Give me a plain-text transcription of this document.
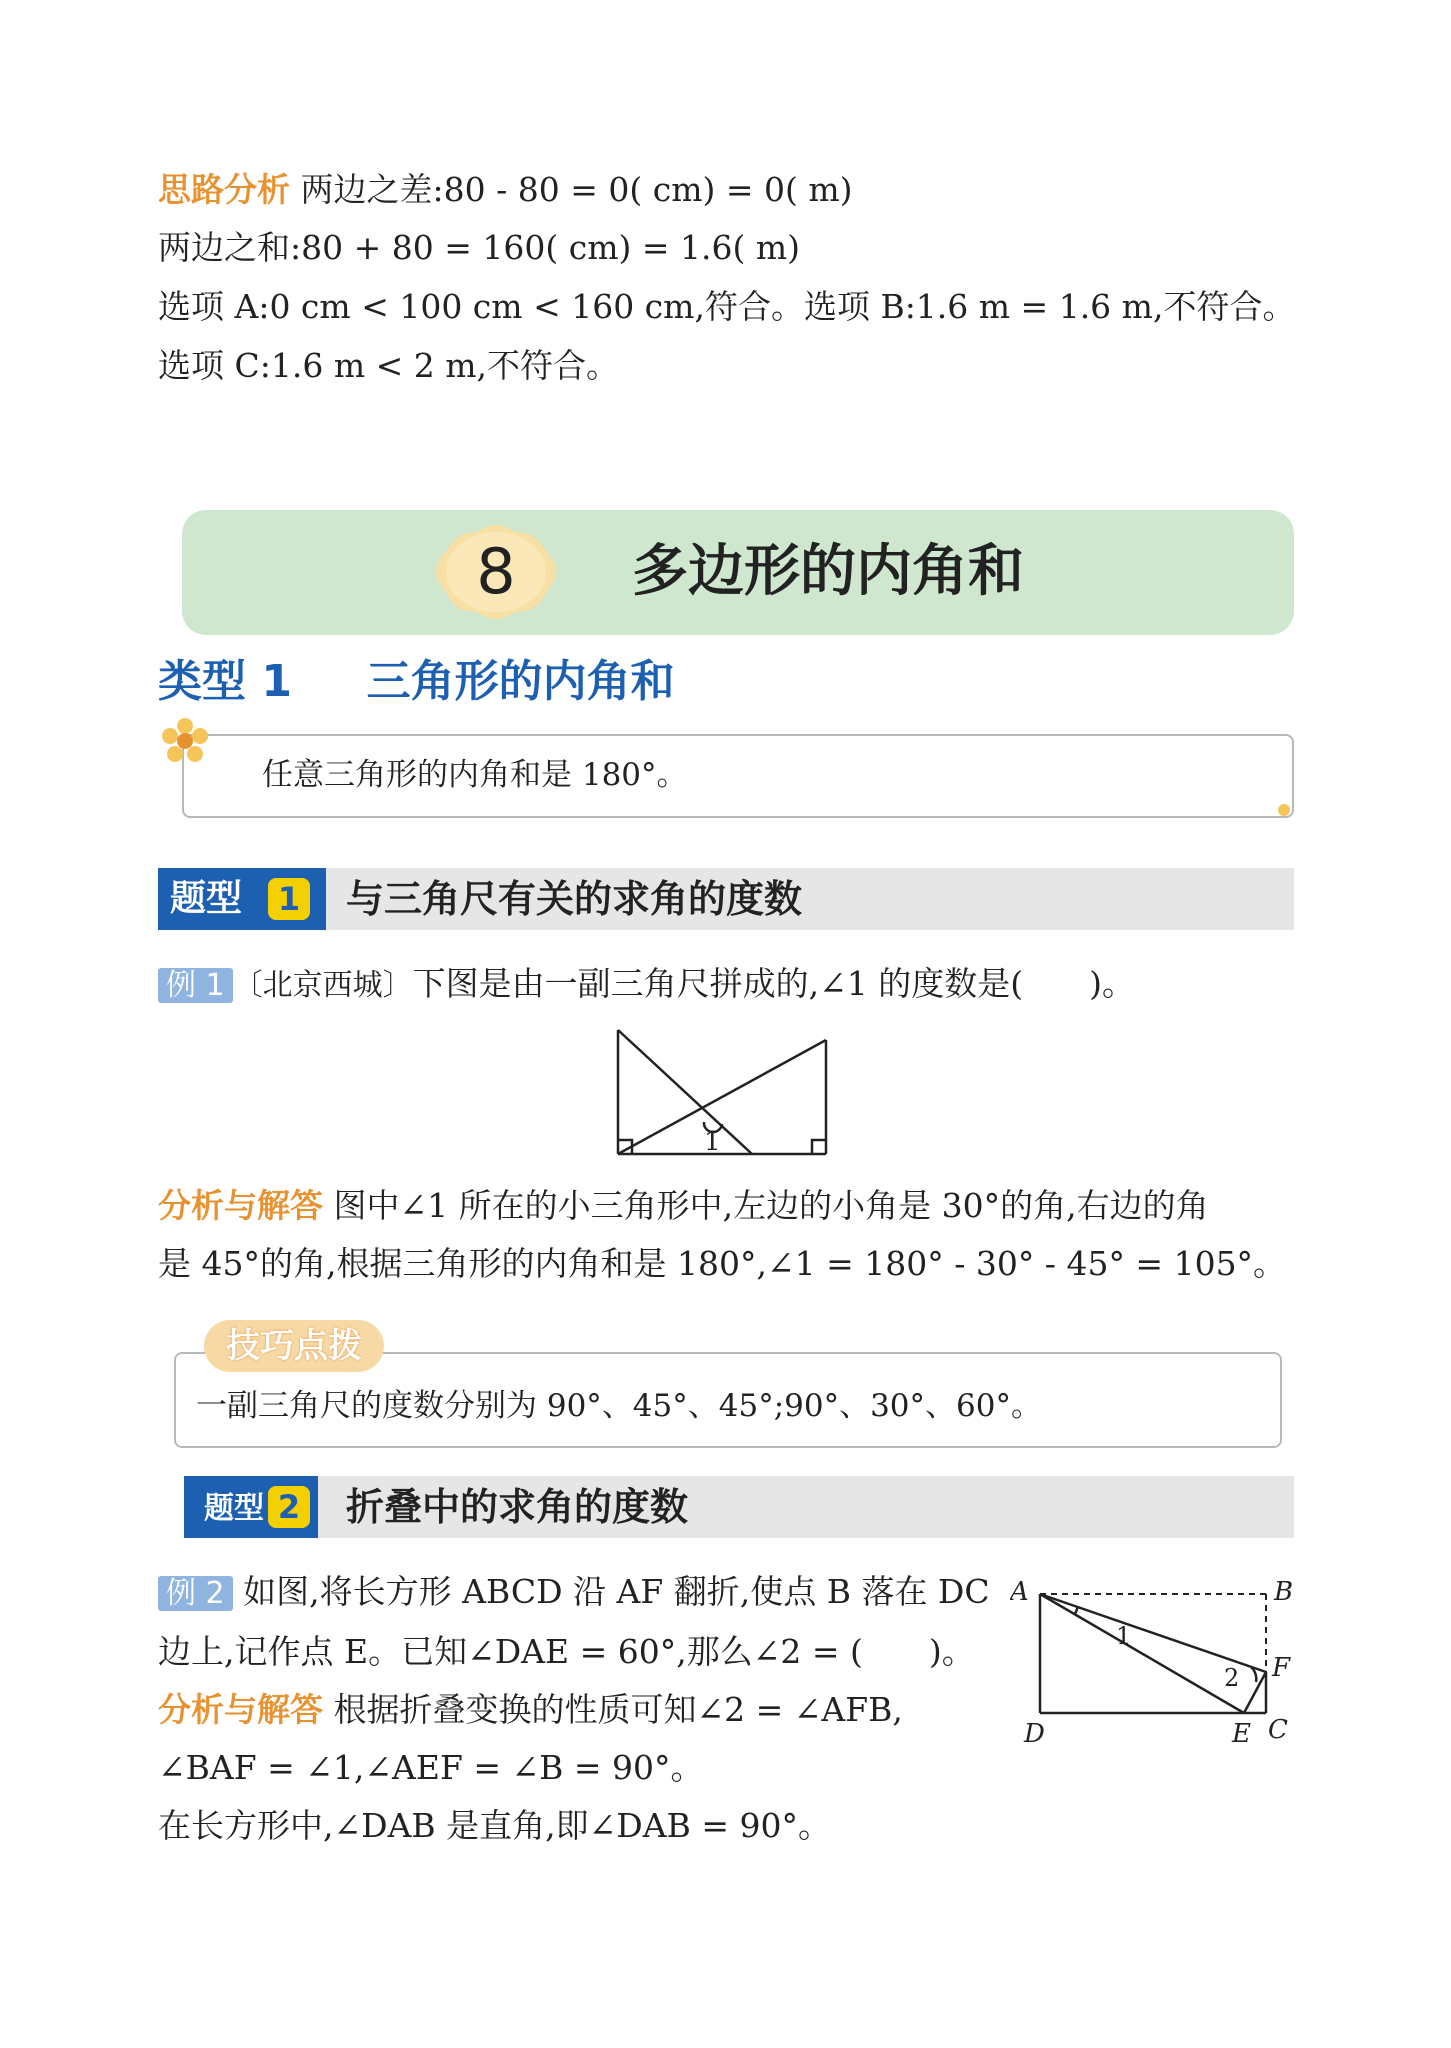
思路分析 两边之差:80 - 80 = 0( cm) = 0( m)
两边之和:80 + 80 = 160( cm) = 1.6( m)
选项 A:0 cm < 100 cm < 160 cm,符合。选项 B:1.6 m = 1.6 m,不符合。
选项 C:1.6 m < 2 m,不符合。
8	多边形的内角和
类型 1 三角形的内角和
任意三角形的内角和是 180°。
题型	1 与三角尺有关的求角的度数
例 1 〔北京西城〕下图是由一副三角尺拼成的,∠1 的度数是(　　)。
1
分析与解答 图中∠1 所在的小三角形中,左边的小角是 30°的角,右边的角
是 45°的角,根据三角形的内角和是 180°,∠1 = 180° - 30° - 45° = 105°。
技巧点拨
一副三角尺的度数分别为 90°、45°、45°;90°、30°、60°。
题型 2 折叠中的求角的度数
例 2 如图,将长方形 ABCD 沿 AF 翻折,使点 B 落在 DC
边上,记作点 E。已知∠DAE = 60°,那么∠2 = (　　)。
分析与解答 根据折叠变换的性质可知∠2 = ∠AFB,
∠BAF = ∠1,∠AEF = ∠B = 90°。
在长方形中,∠DAB 是直角,即∠DAB = 90°。
A	B
F
D	E C
1
2
